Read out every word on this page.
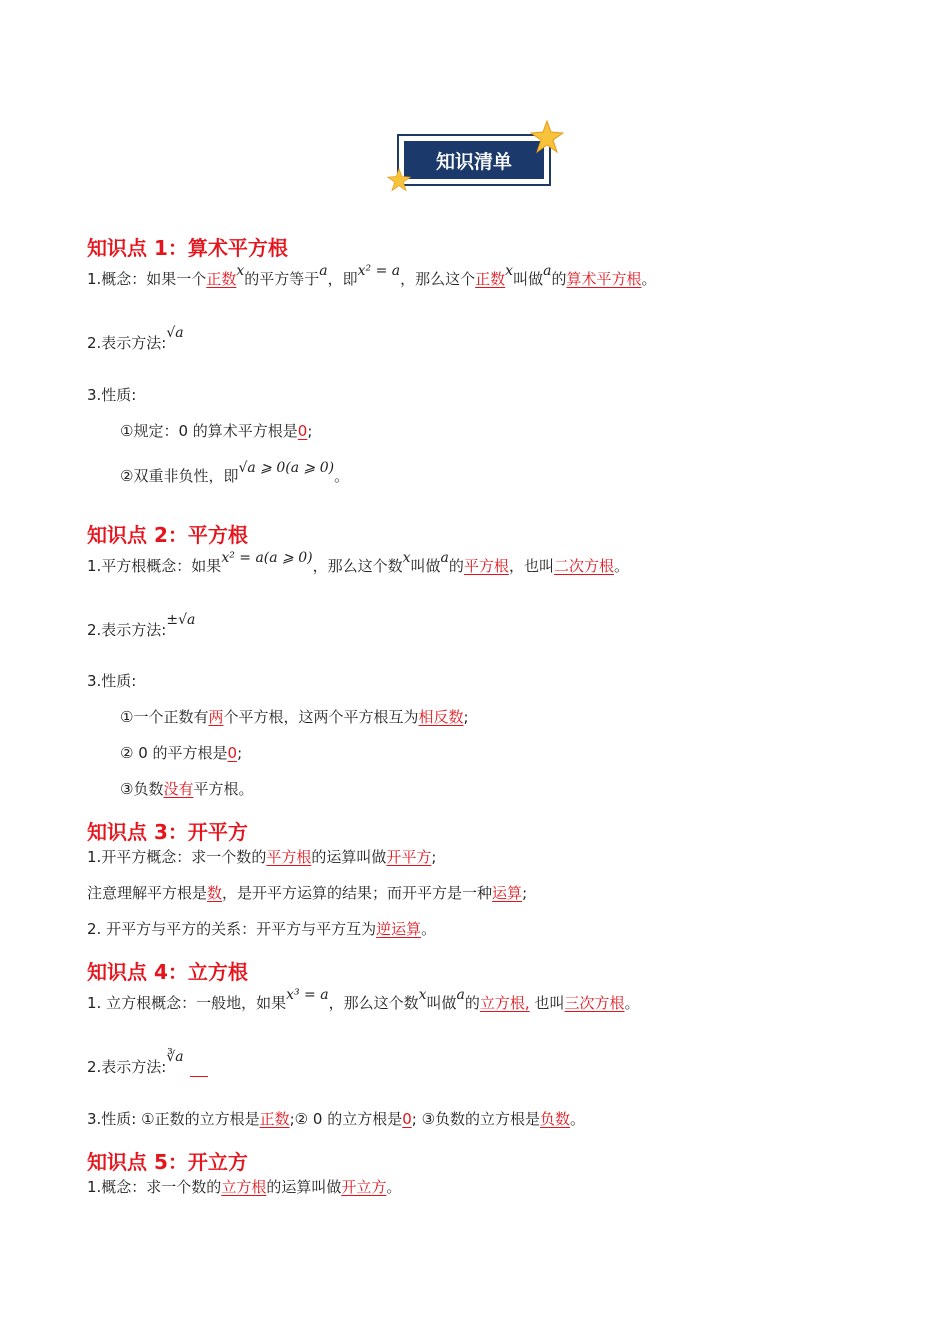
知识清单
知识点 1：算术平方根
1.概念：如果一个正数x的平方等于a，即x² = a，那么这个正数x叫做a的算术平方根。
2.表示方法:√a
3.性质:
①规定：0 的算术平方根是0;
②双重非负性，即√a ⩾ 0(a ⩾ 0)。
知识点 2：平方根
1.平方根概念：如果x² = a(a ⩾ 0)，那么这个数x叫做a的平方根，也叫二次方根。
2.表示方法:±√a
3.性质:
①一个正数有两个平方根，这两个平方根互为相反数;
② 0 的平方根是0;
③负数没有平方根。
知识点 3：开平方
1.开平方概念：求一个数的平方根的运算叫做开平方;
注意理解平方根是数，是开平方运算的结果；而开平方是一种运算;
2. 开平方与平方的关系：开平方与平方互为逆运算。
知识点 4：立方根
1. 立方根概念：一般地，如果x³ = a，那么这个数x叫做a的立方根, 也叫三次方根。
2.表示方法:∛a
3.性质: ①正数的立方根是正数;② 0 的立方根是0; ③负数的立方根是负数。
知识点 5：开立方
1.概念：求一个数的立方根的运算叫做开立方。
